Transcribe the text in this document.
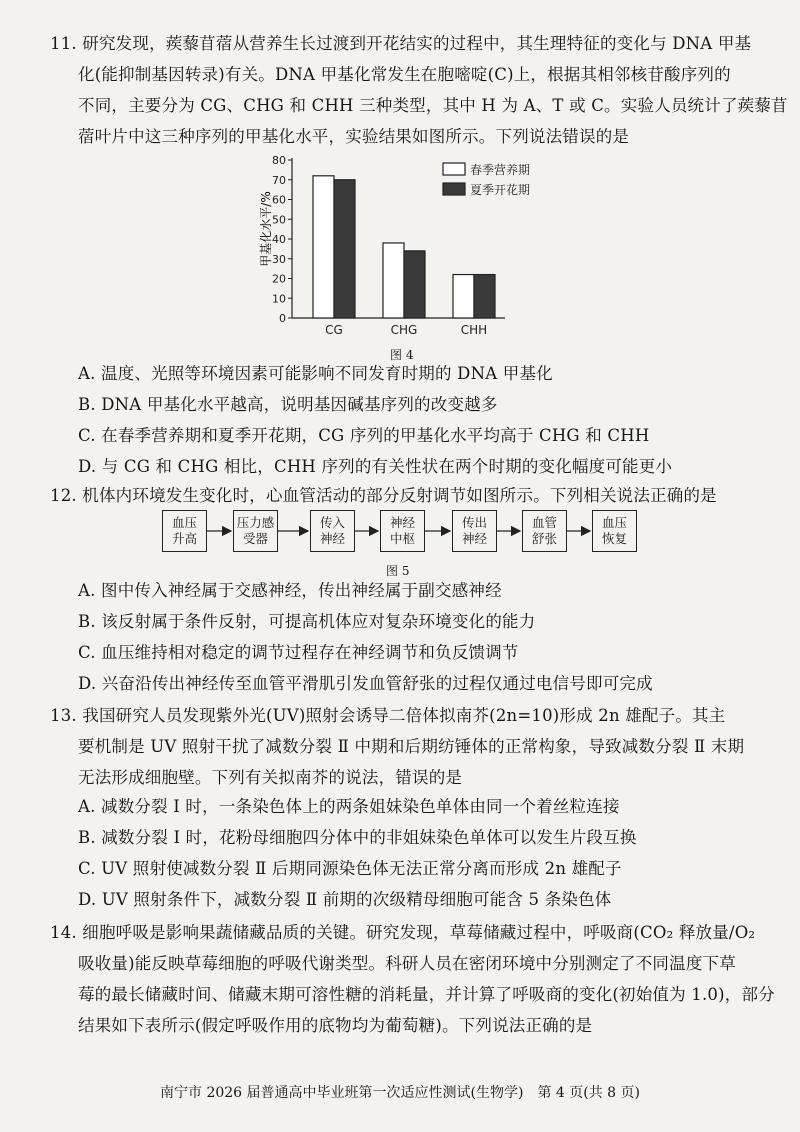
11. 研究发现，蒺藜苜蓿从营养生长过渡到开花结实的过程中，其生理特征的变化与 DNA 甲基
化(能抑制基因转录)有关。DNA 甲基化常发生在胞嘧啶(C)上，根据其相邻核苷酸序列的
不同，主要分为 CG、CHG 和 CHH 三种类型，其中 H 为 A、T 或 C。实验人员统计了蒺藜苜
蓿叶片中这三种序列的甲基化水平，实验结果如图所示。下列说法错误的是
0
10
20
30
40
50
60
70
80
CG	CHG	CHH
春季营养期
夏季开花期
甲基化水平/%
图 4
A. 温度、光照等环境因素可能影响不同发育时期的 DNA 甲基化
B. DNA 甲基化水平越高，说明基因碱基序列的改变越多
C. 在春季营养期和夏季开花期，CG 序列的甲基化水平均高于 CHG 和 CHH
D. 与 CG 和 CHG 相比，CHH 序列的有关性状在两个时期的变化幅度可能更小
12. 机体内环境发生变化时，心血管活动的部分反射调节如图所示。下列相关说法正确的是
血压
升高
压力感
受器
传入
神经
神经
中枢
传出
神经
血管
舒张
血压
恢复
图 5
A. 图中传入神经属于交感神经，传出神经属于副交感神经
B. 该反射属于条件反射，可提高机体应对复杂环境变化的能力
C. 血压维持相对稳定的调节过程存在神经调节和负反馈调节
D. 兴奋沿传出神经传至血管平滑肌引发血管舒张的过程仅通过电信号即可完成
13. 我国研究人员发现紫外光(UV)照射会诱导二倍体拟南芥(2n=10)形成 2n 雄配子。其主
要机制是 UV 照射干扰了减数分裂 Ⅱ 中期和后期纺锤体的正常构象，导致减数分裂 Ⅱ 末期
无法形成细胞壁。下列有关拟南芥的说法，错误的是
A. 减数分裂 Ⅰ 时，一条染色体上的两条姐妹染色单体由同一个着丝粒连接
B. 减数分裂 Ⅰ 时，花粉母细胞四分体中的非姐妹染色单体可以发生片段互换
C. UV 照射使减数分裂 Ⅱ 后期同源染色体无法正常分离而形成 2n 雄配子
D. UV 照射条件下，减数分裂 Ⅱ 前期的次级精母细胞可能含 5 条染色体
14. 细胞呼吸是影响果蔬储藏品质的关键。研究发现，草莓储藏过程中，呼吸商(CO₂ 释放量/O₂
吸收量)能反映草莓细胞的呼吸代谢类型。科研人员在密闭环境中分别测定了不同温度下草
莓的最长储藏时间、储藏末期可溶性糖的消耗量，并计算了呼吸商的变化(初始值为 1.0)，部分
结果如下表所示(假定呼吸作用的底物均为葡萄糖)。下列说法正确的是
南宁市 2026 届普通高中毕业班第一次适应性测试(生物学)　第 4 页(共 8 页)
